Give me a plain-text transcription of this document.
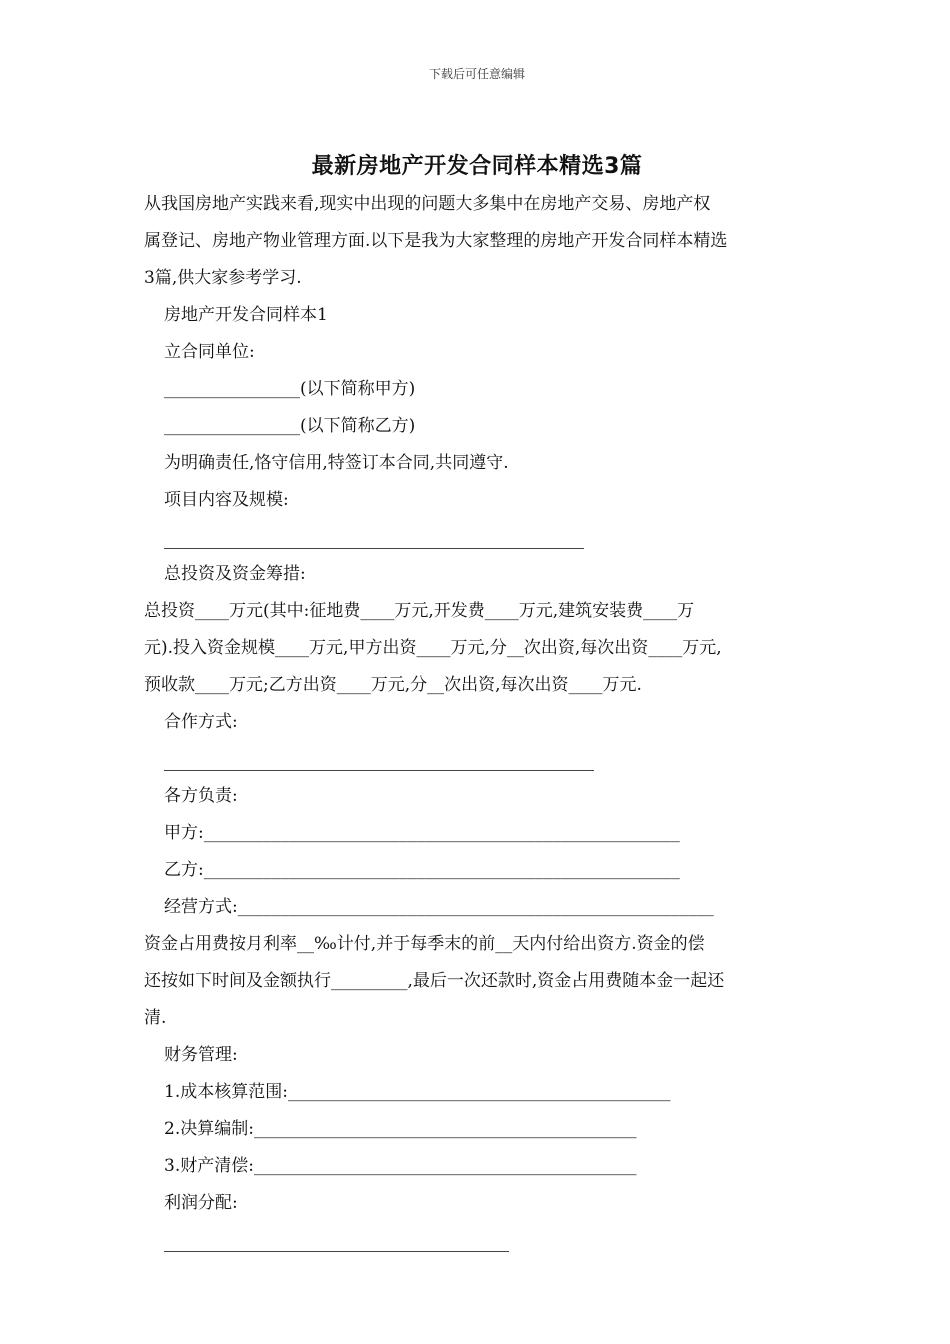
下载后可任意编辑
最新房地产开发合同样本精选3篇
从我国房地产实践来看,现实中出现的问题大多集中在房地产交易、房地产权
属登记、房地产物业管理方面.以下是我为大家整理的房地产开发合同样本精选
3篇,供大家参考学习.
房地产开发合同样本1
立合同单位:
________________(以下简称甲方)
________________(以下简称乙方)
为明确责任,恪守信用,特签订本合同,共同遵守.
项目内容及规模:
总投资及资金筹措:
总投资____万元(其中:征地费____万元,开发费____万元,建筑安装费____万
元).投入资金规模____万元,甲方出资____万元,分__次出资,每次出资____万元,
预收款____万元;乙方出资____万元,分__次出资,每次出资____万元.
合作方式:
各方负责:
甲方:________________________________________________________
乙方:________________________________________________________
经营方式:________________________________________________________
资金占用费按月利率__‰计付,并于每季末的前__天内付给出资方.资金的偿
还按如下时间及金额执行_________,最后一次还款时,资金占用费随本金一起还
清.
财务管理:
1.成本核算范围:_____________________________________________
2.决算编制:_____________________________________________
3.财产清偿:_____________________________________________
利润分配:
